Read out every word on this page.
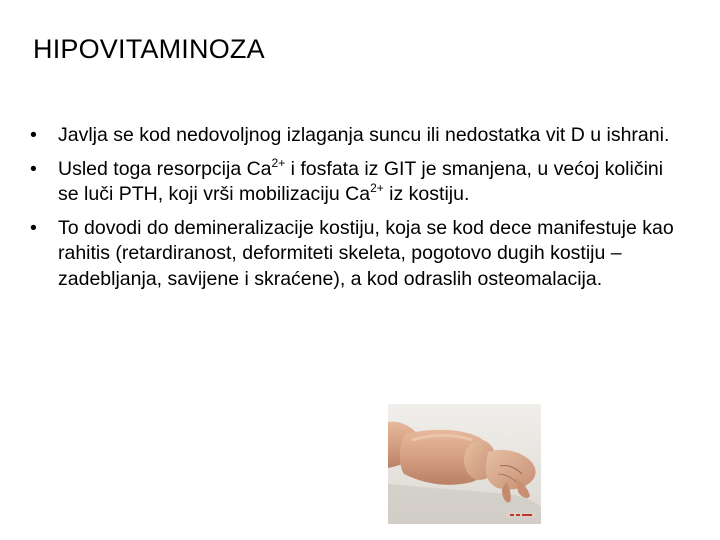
HIPOVITAMINOZA
• Javlja se kod nedovoljnog izlaganja suncu ili nedostatka vit D u ishrani.
• Usled toga resorpcija $Ca^{2+}$ i fosfata iz GIT je smanjena, u većoj količini se luči PTH, koji vrši mobilizaciju $Ca^{2+}$ iz kostiju.
• To dovodi do demineralizacije kostiju, koja se kod dece manifestuje kao rahitis (retardiranost, deformiteti skeleta, pogotovo dugih kostiju – zadebljanja, savijene i skraćene), a kod odraslih osteomalacija.
